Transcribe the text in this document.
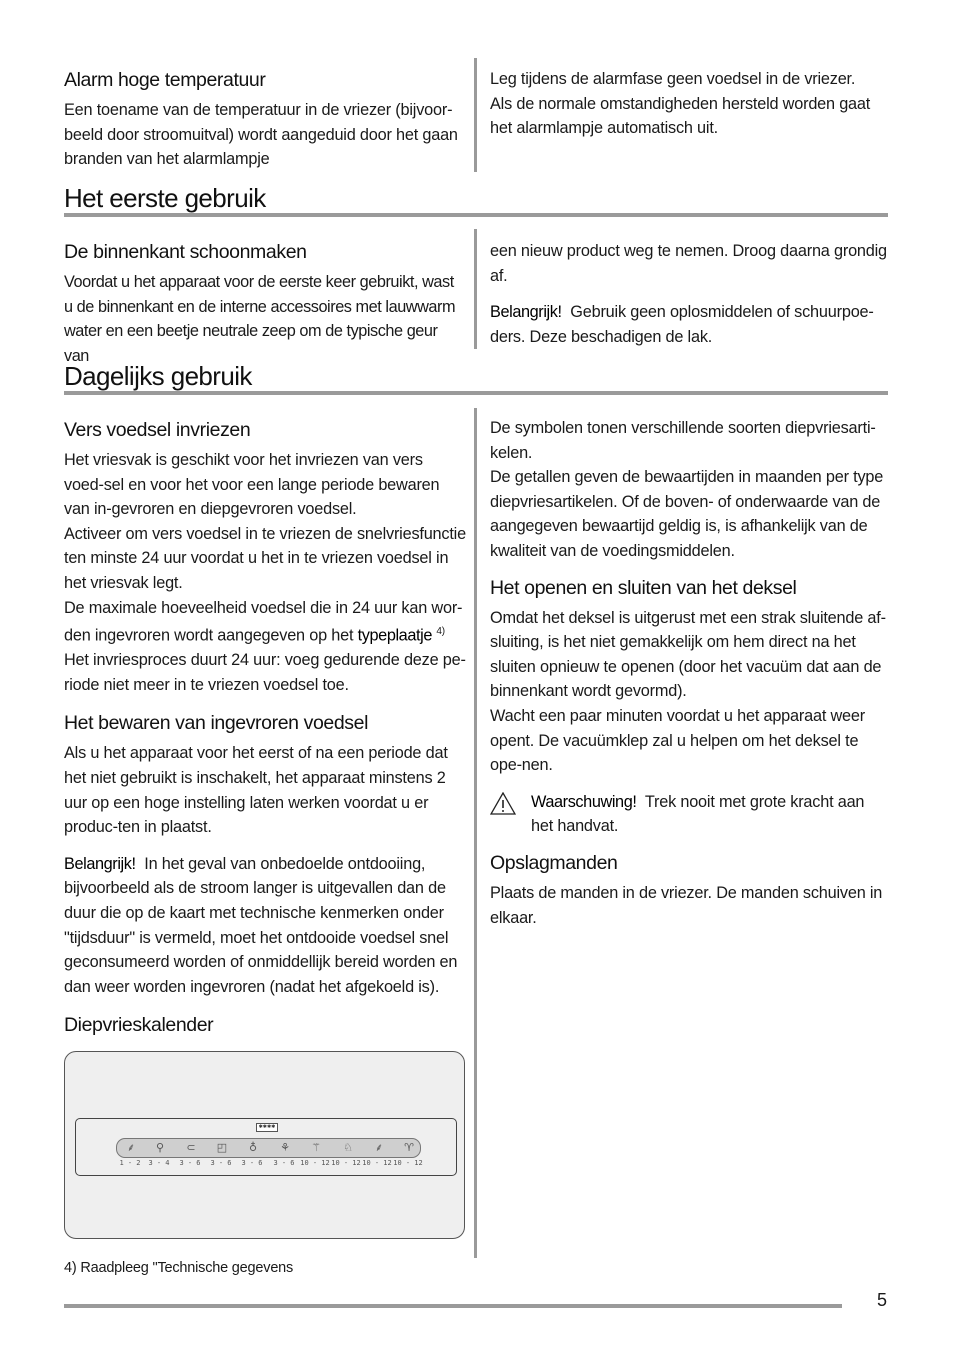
Alarm hoge temperatuur

Een toename van de temperatuur in de vriezer (bijvoor-beeld door stroomuitval) wordt aangeduid door het gaan branden van het alarmlampje

Leg tijdens de alarmfase geen voedsel in de vriezer.

Als de normale omstandigheden hersteld worden gaat het alarmlampje automatisch uit.

Het eerste gebruik
De binnenkant schoonmaken

Voordat u het apparaat voor de eerste keer gebruikt, wast u de binnenkant en de interne accessoires met lauwwarm water en een beetje neutrale zeep om de typische geur van

een nieuw product weg te nemen. Droog daarna grondig af.

Belangrijk! Gebruik geen oplosmiddelen of schuurpoe-ders. Deze beschadigen de lak.

Dagelijks gebruik
Vers voedsel invriezen

Het vriesvak is geschikt voor het invriezen van vers voed-sel en voor het voor een lange periode bewaren van in-gevroren en diepgevroren voedsel.

Activeer om vers voedsel in te vriezen de snelvriesfunctie ten minste 24 uur voordat u het in te vriezen voedsel in het vriesvak legt.

De maximale hoeveelheid voedsel die in 24 uur kan wor-den ingevroren wordt aangegeven op het typeplaatje $^{4)}$

Het invriesproces duurt 24 uur: voeg gedurende deze pe-riode niet meer in te vriezen voedsel toe.

Het bewaren van ingevroren voedsel

Als u het apparaat voor het eerst of na een periode dat het niet gebruikt is inschakelt, het apparaat minstens 2 uur op een hoge instelling laten werken voordat u er produc-ten in plaatst.

Belangrijk! In het geval van onbedoelde ontdooiing, bijvoorbeeld als de stroom langer is uitgevallen dan de duur die op de kaart met technische kenmerken onder "tijdsduur" is vermeld, moet het ontdooide voedsel snel geconsumeerd worden of onmiddellijk bereid worden en dan weer worden ingevroren (nadat het afgekoeld is).

Diepvrieskalender
✱✱✱✱
⸙	⚲	⊂	◰	♁	⚘	⚚	♘	⸙	♈
1 - 2	3 - 4	3 - 6	3 - 6	3 - 6	3 - 6 10 - 12 10 - 12 10 - 12 10 - 12

De symbolen tonen verschillende soorten diepvriesarti-kelen.

De getallen geven de bewaartijden in maanden per type diepvriesartikelen. Of de boven- of onderwaarde van de aangegeven bewaartijd geldig is, is afhankelijk van de kwaliteit van de voedingsmiddelen.

Het openen en sluiten van het deksel

Omdat het deksel is uitgerust met een strak sluitende af-sluiting, is het niet gemakkelijk om hem direct na het sluiten opnieuw te openen (door het vacuüm dat aan de binnenkant wordt gevormd).

Wacht een paar minuten voordat u het apparaat weer opent. De vacuümklep zal u helpen om het deksel te ope-nen.

Waarschuwing! Trek nooit met grote kracht aan het handvat.

Opslagmanden

Plaats de manden in de vriezer. De manden schuiven in elkaar.

4) Raadpleeg "Technische gegevens
5
